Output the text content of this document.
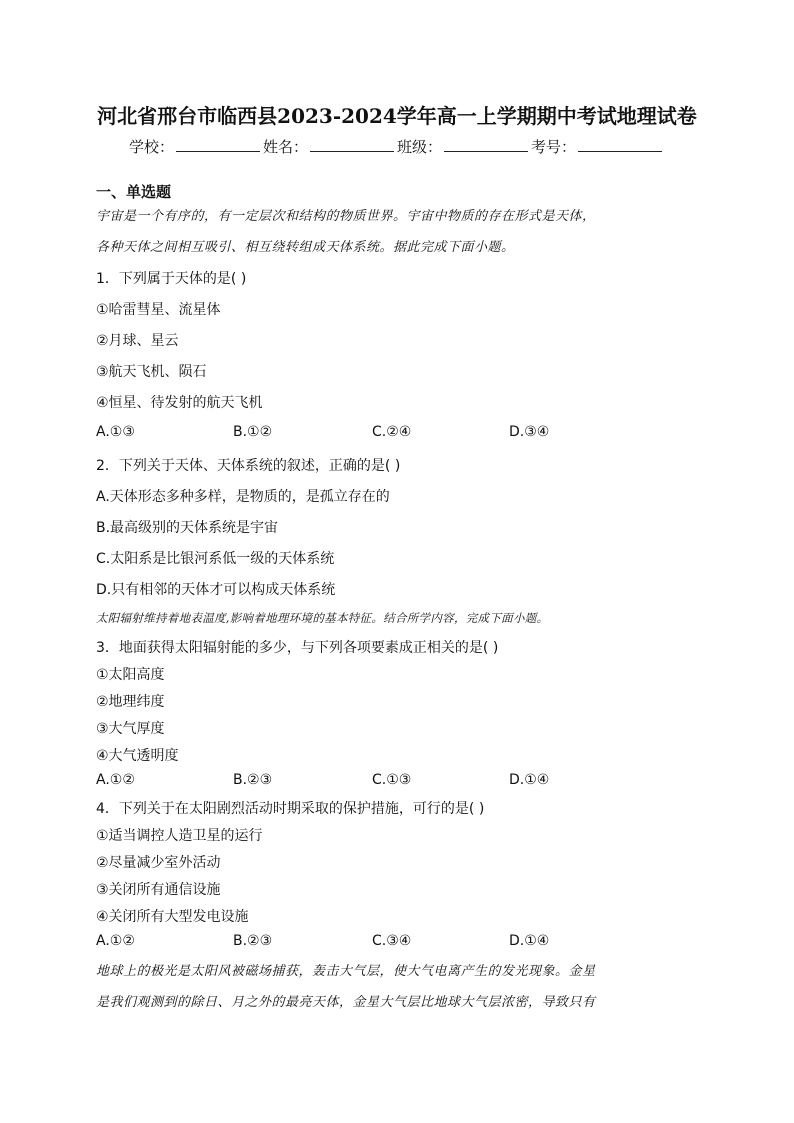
河北省邢台市临西县2023-2024学年高一上学期期中考试地理试卷
学校：	姓名：	班级：	考号：
一、单选题
宇宙是一个有序的，有一定层次和结构的物质世界。宇宙中物质的存在形式是天体，
各种天体之间相互吸引、相互绕转组成天体系统。据此完成下面小题。
1．下列属于天体的是( )
①哈雷彗星、流星体
②月球、星云
③航天飞机、陨石
④恒星、待发射的航天飞机
A.①③	B.①②	C.②④	D.③④
2．下列关于天体、天体系统的叙述，正确的是( )
A.天体形态多种多样，是物质的，是孤立存在的
B.最高级别的天体系统是宇宙
C.太阳系是比银河系低一级的天体系统
D.只有相邻的天体才可以构成天体系统
太阳辐射维持着地表温度,影响着地理环境的基本特征。结合所学内容，完成下面小题。
3．地面获得太阳辐射能的多少，与下列各项要素成正相关的是( )
①太阳高度
②地理纬度
③大气厚度
④大气透明度
A.①②	B.②③	C.①③	D.①④
4．下列关于在太阳剧烈活动时期采取的保护措施，可行的是( )
①适当调控人造卫星的运行
②尽量减少室外活动
③关闭所有通信设施
④关闭所有大型发电设施
A.①②	B.②③	C.③④	D.①④
地球上的极光是太阳风被磁场捕获，轰击大气层，使大气电离产生的发光现象。金星
是我们观测到的除日、月之外的最亮天体，金星大气层比地球大气层浓密，导致只有
